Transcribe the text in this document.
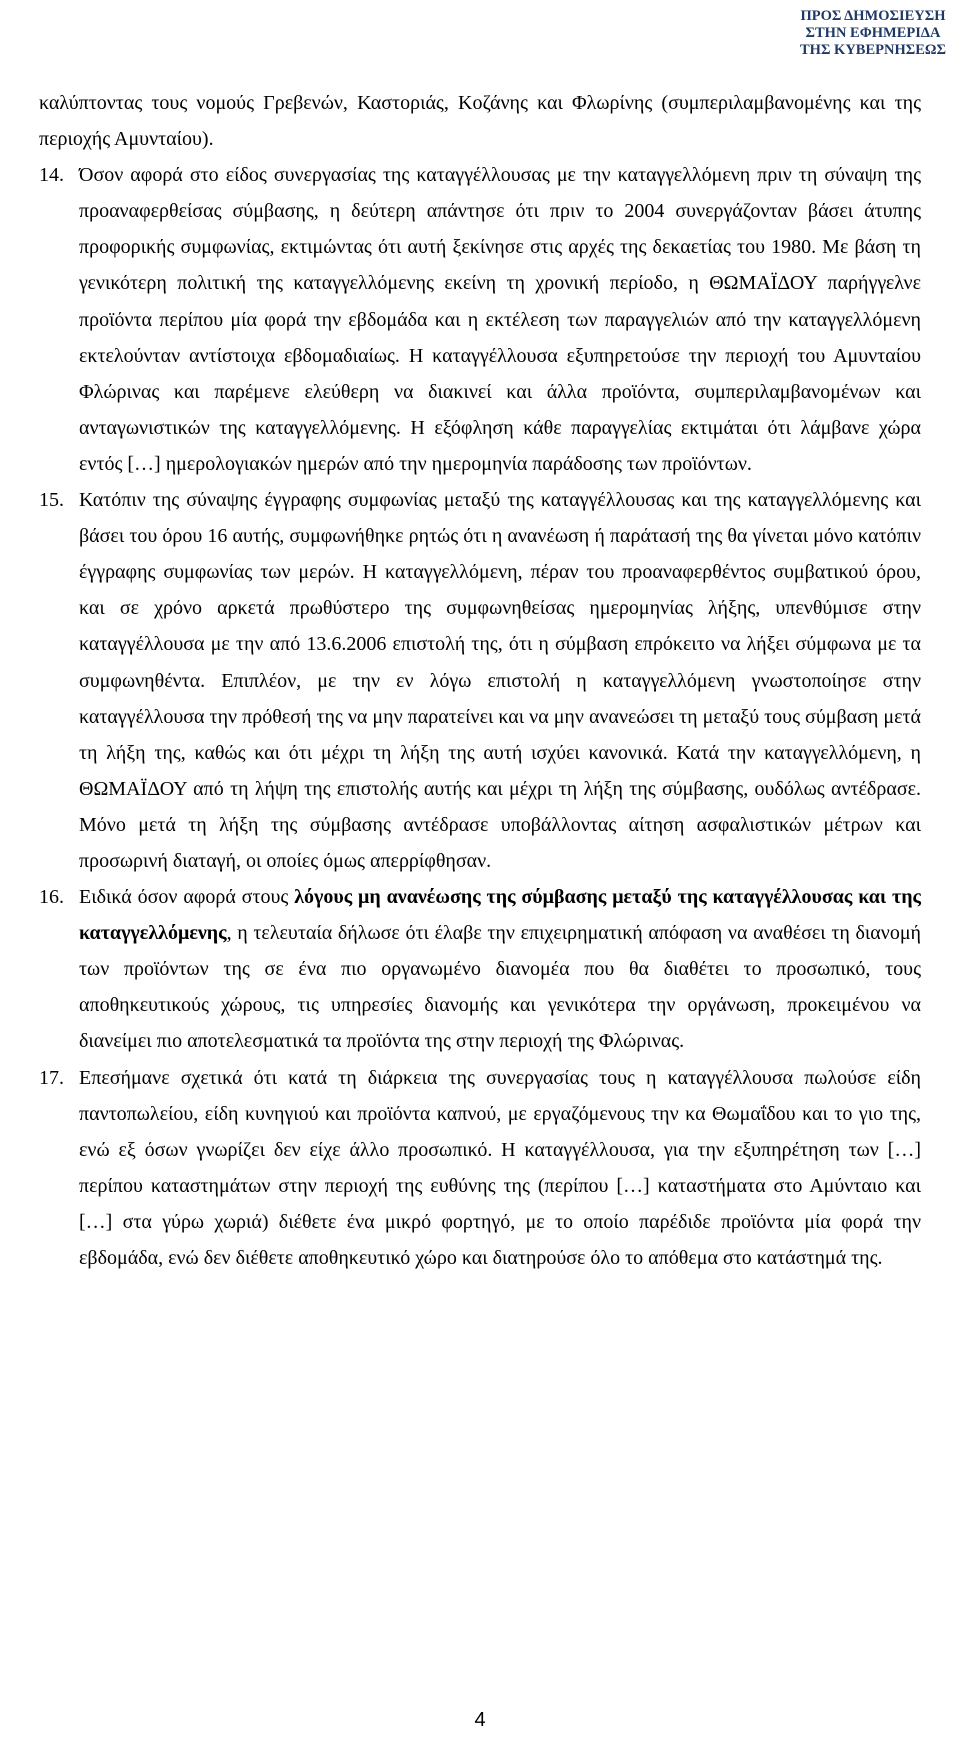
ΠΡΟΣ ΔΗΜΟΣΙΕΥΣΗ
ΣΤΗΝ ΕΦΗΜΕΡΙΔΑ
ΤΗΣ ΚΥΒΕΡΝΗΣΕΩΣ

καλύπτοντας τους νομούς Γρεβενών, Καστοριάς, Κοζάνης και Φλωρίνης (συμπεριλαμβανομένης και της περιοχής Αμυνταίου).

14. Όσον αφορά στο είδος συνεργασίας της καταγγέλλουσας με την καταγγελλόμενη πριν τη σύναψη της προαναφερθείσας σύμβασης, η δεύτερη απάντησε ότι πριν το 2004 συνεργάζονταν βάσει άτυπης προφορικής συμφωνίας, εκτιμώντας ότι αυτή ξεκίνησε στις αρχές της δεκαετίας του 1980. Με βάση τη γενικότερη πολιτική της καταγγελλόμενης εκείνη τη χρονική περίοδο, η ΘΩΜΑΪΔΟΥ παρήγγελνε προϊόντα περίπου μία φορά την εβδομάδα και η εκτέλεση των παραγγελιών από την καταγγελλόμενη εκτελούνταν αντίστοιχα εβδομαδιαίως. Η καταγγέλλουσα εξυπηρετούσε την περιοχή του Αμυνταίου Φλώρινας και παρέμενε ελεύθερη να διακινεί και άλλα προϊόντα, συμπεριλαμβανομένων και ανταγωνιστικών της καταγγελλόμενης. Η εξόφληση κάθε παραγγελίας εκτιμάται ότι λάμβανε χώρα εντός […] ημερολογιακών ημερών από την ημερομηνία παράδοσης των προϊόντων.

15. Κατόπιν της σύναψης έγγραφης συμφωνίας μεταξύ της καταγγέλλουσας και της καταγγελλόμενης και βάσει του όρου 16 αυτής, συμφωνήθηκε ρητώς ότι η ανανέωση ή παράτασή της θα γίνεται μόνο κατόπιν έγγραφης συμφωνίας των μερών. Η καταγγελλόμενη, πέραν του προαναφερθέντος συμβατικού όρου, και σε χρόνο αρκετά πρωθύστερο της συμφωνηθείσας ημερομηνίας λήξης, υπενθύμισε στην καταγγέλλουσα με την από 13.6.2006 επιστολή της, ότι η σύμβαση επρόκειτο να λήξει σύμφωνα με τα συμφωνηθέντα. Επιπλέον, με την εν λόγω επιστολή η καταγγελλόμενη γνωστοποίησε στην καταγγέλλουσα την πρόθεσή της να μην παρατείνει και να μην ανανεώσει τη μεταξύ τους σύμβαση μετά τη λήξη της, καθώς και ότι μέχρι τη λήξη της αυτή ισχύει κανονικά. Κατά την καταγγελλόμενη, η ΘΩΜΑΪΔΟΥ από τη λήψη της επιστολής αυτής και μέχρι τη λήξη της σύμβασης, ουδόλως αντέδρασε. Μόνο μετά τη λήξη της σύμβασης αντέδρασε υποβάλλοντας αίτηση ασφαλιστικών μέτρων και προσωρινή διαταγή, οι οποίες όμως απερρίφθησαν.

16. Ειδικά όσον αφορά στους λόγους μη ανανέωσης της σύμβασης μεταξύ της καταγγέλλουσας και της καταγγελλόμενης, η τελευταία δήλωσε ότι έλαβε την επιχειρηματική απόφαση να αναθέσει τη διανομή των προϊόντων της σε ένα πιο οργανωμένο διανομέα που θα διαθέτει το προσωπικό, τους αποθηκευτικούς χώρους, τις υπηρεσίες διανομής και γενικότερα την οργάνωση, προκειμένου να διανείμει πιο αποτελεσματικά τα προϊόντα της στην περιοχή της Φλώρινας.

17. Επεσήμανε σχετικά ότι κατά τη διάρκεια της συνεργασίας τους η καταγγέλλουσα πωλούσε είδη παντοπωλείου, είδη κυνηγιού και προϊόντα καπνού, με εργαζόμενους την κα Θωμαΐδου και το γιο της, ενώ εξ όσων γνωρίζει δεν είχε άλλο προσωπικό. Η καταγγέλλουσα, για την εξυπηρέτηση των […] περίπου καταστημάτων στην περιοχή της ευθύνης της (περίπου […] καταστήματα στο Αμύνταιο και […] στα γύρω χωριά) διέθετε ένα μικρό φορτηγό, με το οποίο παρέδιδε προϊόντα μία φορά την εβδομάδα, ενώ δεν διέθετε αποθηκευτικό χώρο και διατηρούσε όλο το απόθεμα στο κατάστημά της.

4
